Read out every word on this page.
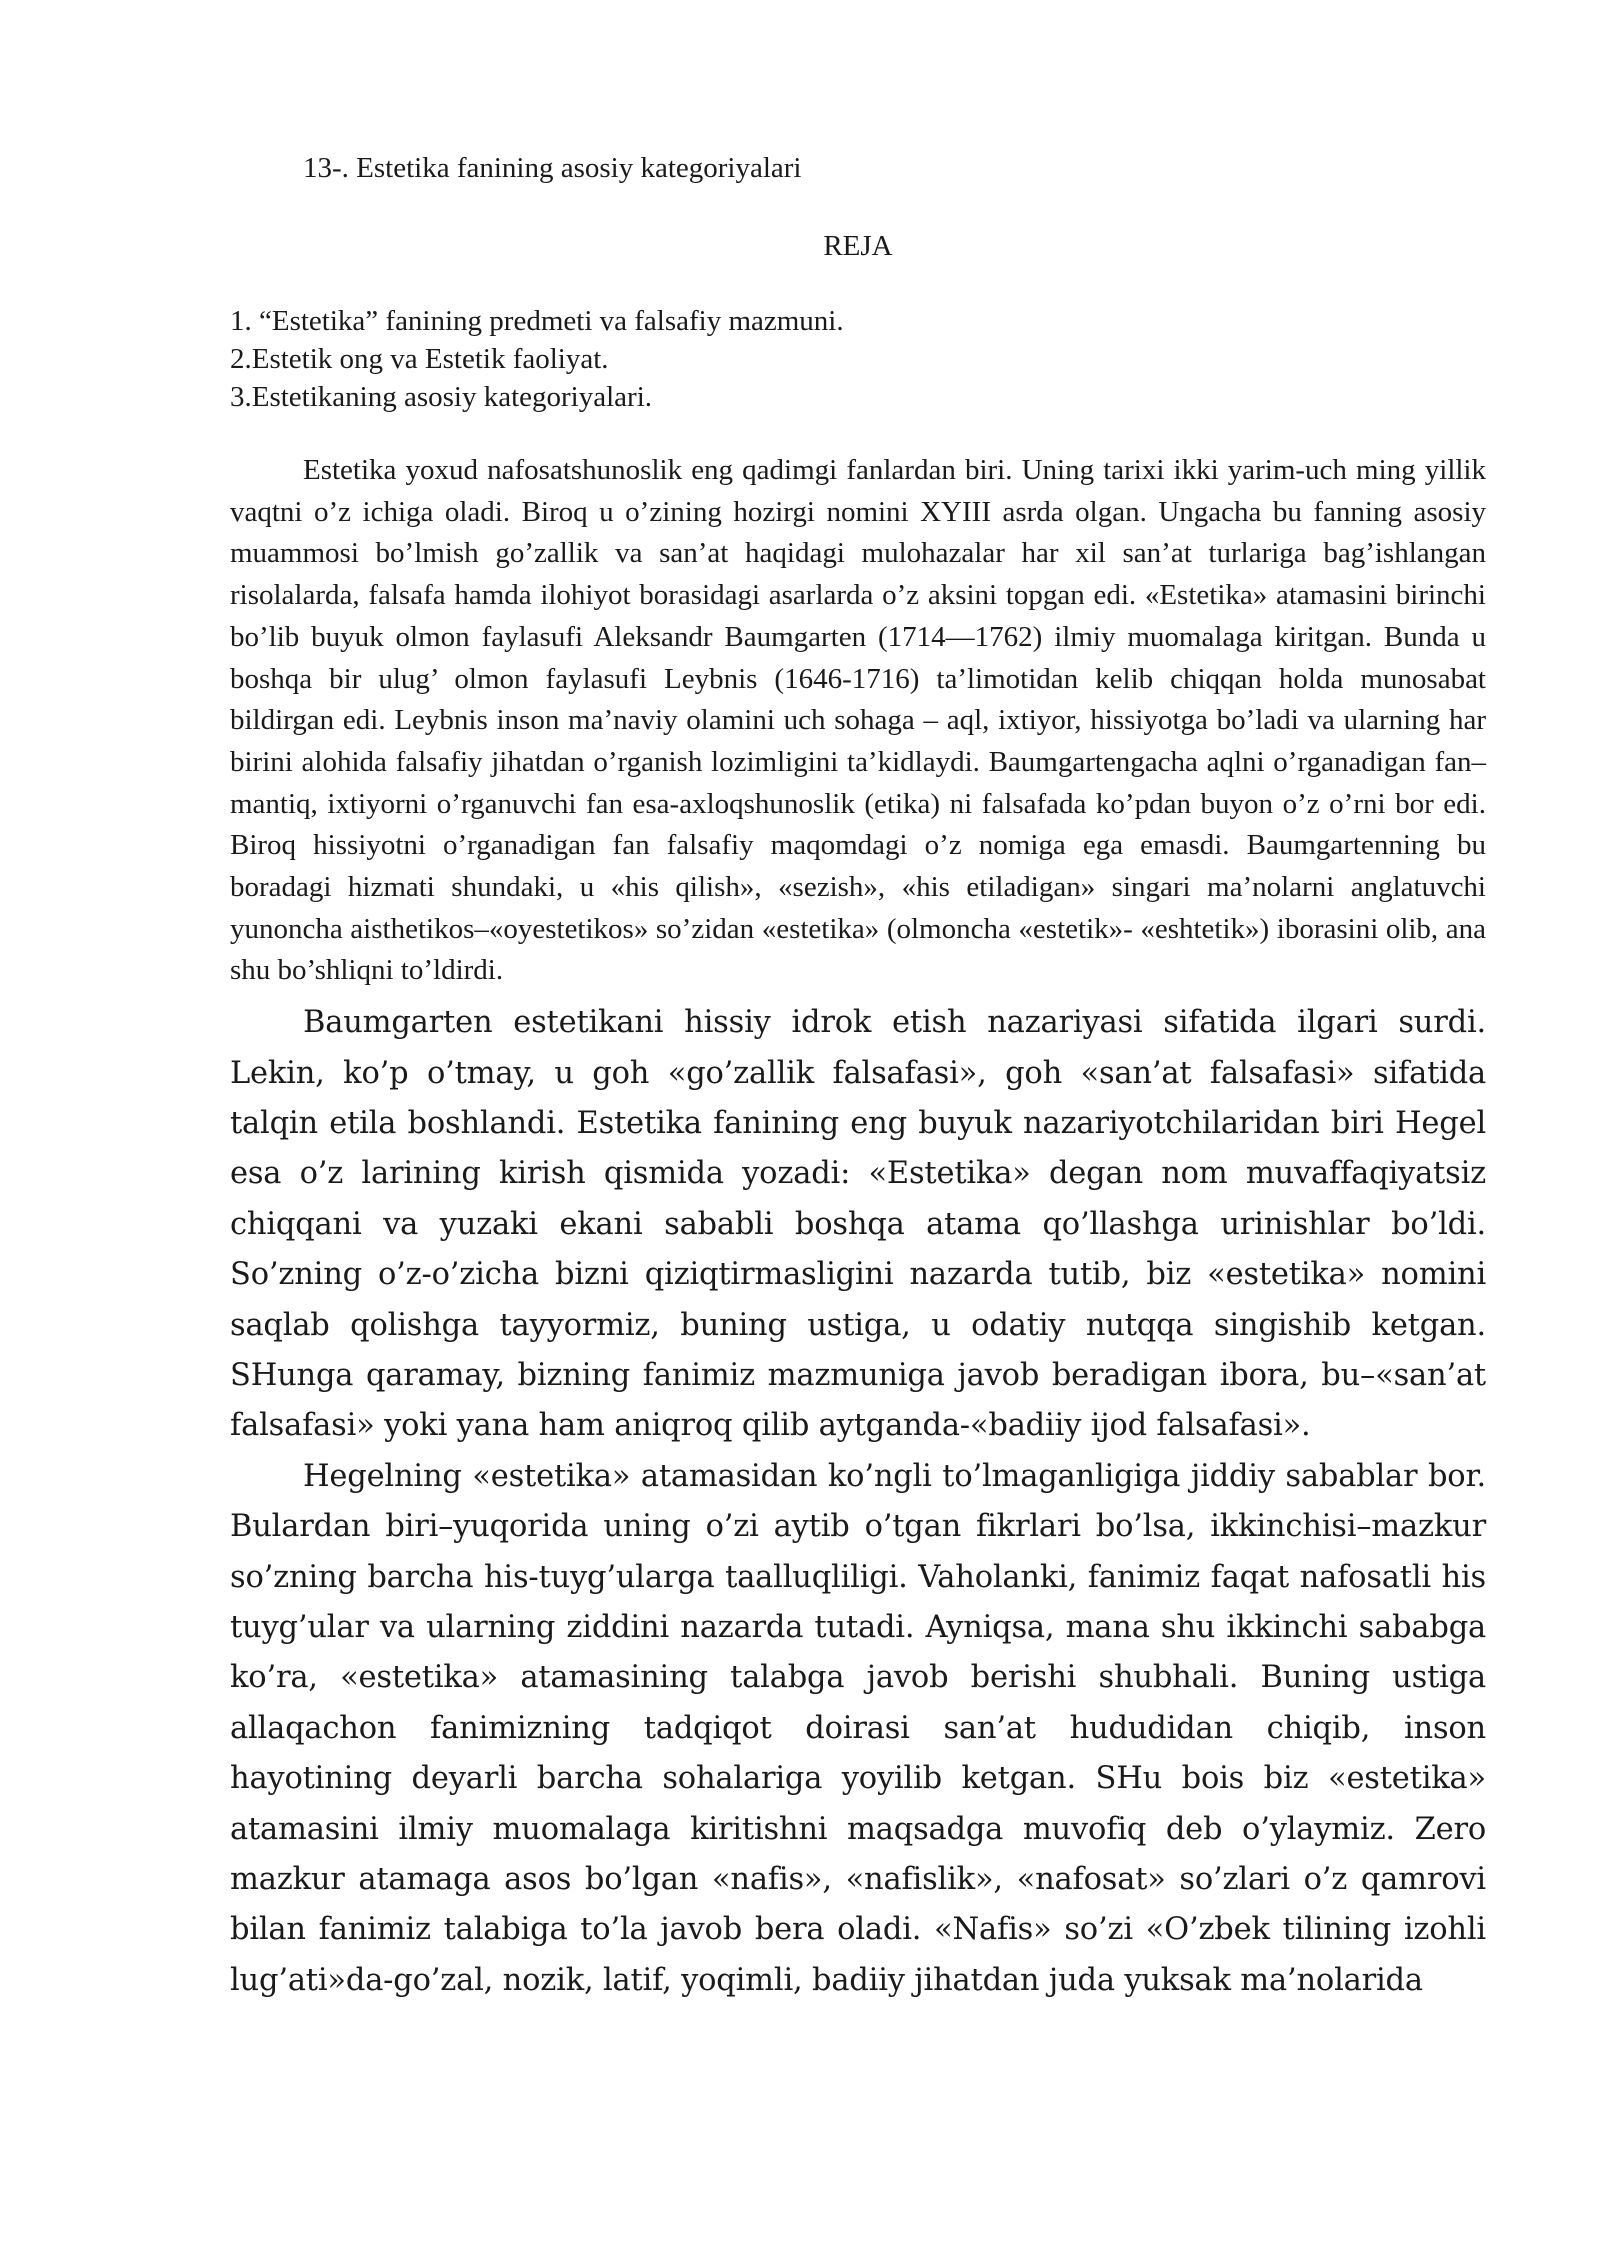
13-. Estetika fanining asosiy kategoriyalari
REJA
1. “Estetika” fanining predmeti va falsafiy mazmuni.
2.Estetik ong va Estetik faoliyat.
3.Estetikaning asosiy kategoriyalari.

Estetika yoxud nafosatshunoslik eng qadimgi fanlardan biri. Uning tarixi ikki yarim-uch ming yillik vaqtni o’z ichiga oladi. Biroq u o’zining hozirgi nomini XYIII asrda olgan. Ungacha bu fanning asosiy muammosi bo’lmish go’zallik va san’at haqidagi mulohazalar har xil san’at turlariga bag’ishlangan risolalarda, falsafa hamda ilohiyot borasidagi asarlarda o’z aksini topgan edi. «Estetika» atamasini birinchi bo’lib buyuk olmon faylasufi Aleksandr Baumgarten (1714—1762) ilmiy muomalaga kiritgan. Bunda u boshqa bir ulug’ olmon faylasufi Leybnis (1646-1716) ta’limotidan kelib chiqqan holda munosabat bildirgan edi. Leybnis inson ma’naviy olamini uch sohaga – aql, ixtiyor, hissiyotga bo’ladi va ularning har birini alohida falsafiy jihatdan o’rganish lozimligini ta’kidlaydi. Baumgartengacha aqlni o’rganadigan fan–mantiq, ixtiyorni o’rganuvchi fan esa-axloqshunoslik (etika) ni falsafada ko’pdan buyon o’z o’rni bor edi. Biroq hissiyotni o’rganadigan fan falsafiy maqomdagi o’z nomiga ega emasdi. Baumgartenning bu boradagi hizmati shundaki, u «his qilish», «sezish», «his etiladigan» singari ma’nolarni anglatuvchi yunoncha aisthetikos–«oyestetikos» so’zidan «estetika» (olmoncha «estetik»- «eshtetik») iborasini olib, ana shu bo’shliqni to’ldirdi.

Baumgarten estetikani hissiy idrok etish nazariyasi sifatida ilgari surdi. Lekin, ko’p o’tmay, u goh «go’zallik falsafasi», goh «san’at falsafasi» sifatida talqin etila boshlandi. Estetika fanining eng buyuk nazariyotchilaridan biri Hegel esa o’z larining kirish qismida yozadi: «Estetika» degan nom muvaffaqiyatsiz chiqqani va yuzaki ekani sababli boshqa atama qo’llashga urinishlar bo’ldi. So’zning o’z-o’zicha bizni qiziqtirmasligini nazarda tutib, biz «estetika» nomini saqlab qolishga tayyormiz, buning ustiga, u odatiy nutqqa singishib ketgan. SHunga qaramay, bizning fanimiz mazmuniga javob beradigan ibora, bu–«san’at falsafasi» yoki yana ham aniqroq qilib aytganda-«badiiy ijod falsafasi».

Hegelning «estetika» atamasidan ko’ngli to’lmaganligiga jiddiy sabablar bor. Bulardan biri–yuqorida uning o’zi aytib o’tgan fikrlari bo’lsa, ikkinchisi–mazkur so’zning barcha his-tuyg’ularga taalluqliligi. Vaholanki, fanimiz faqat nafosatli his tuyg’ular va ularning ziddini nazarda tutadi. Ayniqsa, mana shu ikkinchi sababga ko’ra, «estetika» atamasining talabga javob berishi shubhali. Buning ustiga allaqachon fanimizning tadqiqot doirasi san’at hududidan chiqib, inson hayotining deyarli barcha sohalariga yoyilib ketgan. SHu bois biz «estetika» atamasini ilmiy muomalaga kiritishni maqsadga muvofiq deb o’ylaymiz. Zero mazkur atamaga asos bo’lgan «nafis», «nafislik», «nafosat» so’zlari o’z qamrovi bilan fanimiz talabiga to’la javob bera oladi. «Nafis» so’zi «O’zbek tilining izohli lug’ati»da-go’zal, nozik, latif, yoqimli, badiiy jihatdan juda yuksak ma’nolarida
